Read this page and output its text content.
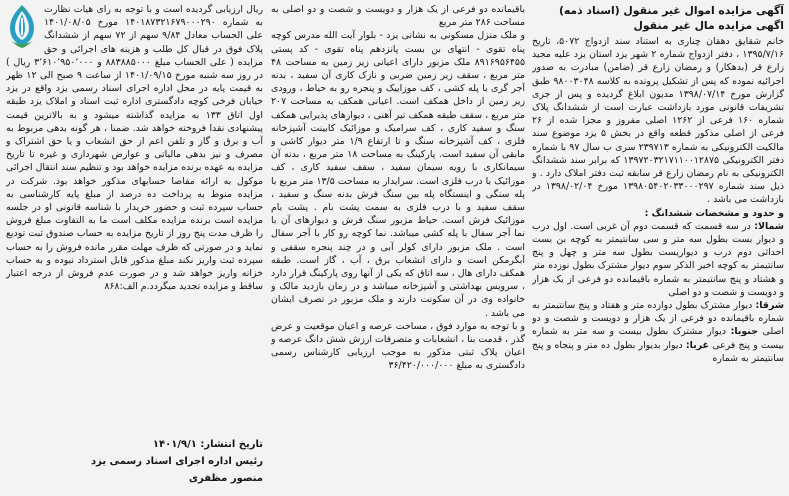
آگهی مزایده اموال غیر منقول (اسناد ذمه)
اگهی مزایده مال غیر منقول

خانم شقایق دهقان چناری به استناد سند ازدواج ۵۰۷۲، تاریخ ۱۳۹۵/۷/۱۶ ، دفتر ازدواج شماره ۲ شهر یزد استان یزد علیه مجید زارع قر (بدهکار) و رمضان زارع قر (ضامن) مبادرت به صدور اجرائیه نموده که پس از تشکیل پرونده به کلاسه ۹۸۰۰۳۰۴۸ طبق گزارش مورخ ۱۳۹۸/۰۷/۱۴ مدیون ابلاغ گردیده و پس از جری تشریفات قانونی مورد بازداشت عبارت است از ششدانگ پلاک شماره ۱۶۰ فرعی از ۱۲۶۲ اصلی مفروز و مجزا شده از ۲۶ فرعی از اصلی مذکور قطعه واقع در بخش ۵ یزد موضوع سند مالکیت الکترونیکی به شماره ۲۳۹۷۱۳ سری ب سال ۹۷ با شماره دفتر الکترونیکی ۱۳۹۷۲۰۳۲۱۷۱۱۰۰۱۲۸۷۵ که برابر سند ششدانگ الکترونیکی به نام رمضان زارع قر سابقه ثبت دفتر املاک دارد . و ذیل سند شماره ۱۳۹۸۰۵۴۰۲۰۳۳۰۰۰۲۹۷ مورخ ۱۳۹۸/۰۲/۰۴ در بازداشت می باشد .

و حدود و مشخصات ششدانگ :

شمالا: در سه قسمت که قسمت دوم آن غربی است. اول درب و دیوار بست بطول سه متر و سی سانتیمتر به کوچه بن بست احداثی دوم درب و دیواریست بطول سه متر و چهل و پنج سانتیمتر به کوچه اخیر الذکر سوم دیوار مشترک بطول نوزده متر و هشتاد و پنج سانتیمتر به شماره باقیمانده دو فرعی از یک هزار و دویست و شصت و دو اصلی

شرقا: دیوار مشترک بطول دوازده متر و هفتاد و پنج سانتیمتر به شماره باقیمانده دو فرعی از یک هزار و دویست و شصت و دو اصلی جنوبا: دیوار مشترک بطول بیست و سه متر به شماره بیست و پنج فرعی غربا: دیوار بدیوار بطول ده متر و پنجاه و پنج سانتیمتر به شماره

باقیمانده دو فرعی از یک هزار و دویست و شصت و دو اصلی به مساحت ۲۸۶ متر مربع

و ملک منزل مسکونی به نشانی یزد - بلوار آیت الله مدرس کوچه پناه تقوی - انتهای بن بست پانزدهم پناه تقوی - کد پستی ۸۹۱۶۹۵۶۴۵۵ ملک مزبور دارای اعیانی زیر زمین به مساحت ۴۸ متر مربع ، سقف زیر زمین ضربی و نازک کاری آن سفید ، بدنه آجر گری با پله کشی ، کف موزاییک و پنجره رو به حیاط ، ورودی زیر زمین از داخل همکف است. اعیانی همکف به مساحت ۲۰۷ متر مربع ، سقف طبقه همکف تیر آهنی ، دیوارهای پذیرایی همکف سنگ و سفید کاری ، کف سرامیک و موزائیک کابینت آشپزخانه فلزی ، کف آشپزخانه سنگ و تا ارتفاع ۱/۹ متر دیوار کاشی و مابقی آن سفید است. پارکینگ به مساحت ۱۸ متر مربع ، بدنه آن سیمانکاری با رویه سیمان سفید ، سقف سفید کاری ، کف موزائیک با درب فلزی است. سرایدار به مساحت ۱۳/۵ متر مربع با پله سنگی و اینستگاه پله بین سنگ فرش بدنه سنگ و سفید ، سقف سفید و با درب فلزی به سمت پشت بام . پشت بام موزائیک فرش است. حیاط مزبور سنگ فرش و دیوارهای آن با نما آجر سفال با پله کشی میباشد. نما کوچه رو کار با آجر سفال است . ملک مزبور دارای کولر آبی و در چند پنجره سقفی و آبگرمکن است و دارای انشعاب برق ، آب ، گاز است. طبقه همکف دارای هال ، سه اتاق که یکی از آنها روی پارکینگ قرار دارد ، سرویس بهداشتی و آشپزخانه میباشد و در زمان بازدید مالک و خانواده وی در آن سکونت دارند و ملک مزبور در تصرف ایشان می باشد .

و با توجه به موارد فوق ، مساحت عرصه و اعیان موقعیت و عرض گذر ، قدمت بنا ، انشعابات و متصرفات ارزش شش دانگ عرصه و اعیان پلاک ثبتی مذکور به موجب ارزیابی کارشناس رسمی دادگستری به مبلغ ۳۶/۴۲۰/۰۰۰/۰۰۰

ریال ارزیابی گردیده است و با توجه به رای هیات نظارت به شماره ۱۴۰۱۸۷۳۲۱۶۷۹۰۰۰۲۹۰ مورخ ۱۴۰۱/۰۸/۰۵ علی الحساب معادل ۹/۸۴ سهم از ۷۲ سهم از ششدانگ پلاک فوق در قبال کل طلب و هزینه های اجرائی و حق مزایده ( علی الحساب مبلغ ۸۸۳۸۸۵۰۰۰ و ۳٬۶۱۰٬۹۵۰٬۰۰۰ ریال ) در روز سه شنبه مورخ ۱۴۰۱/۰۹/۱۵ از ساعت ۹ صبح الی ۱۲ ظهر به قیمت پایه در محل اداره اجرای اسناد رسمی یزد واقع در یزد خیابان فرخی کوچه دادگستری اداره ثبت اسناد و املاک یزد طبقه اول اتاق ۱۳۳ به مزایده گذاشته میشود و به بالاترین قیمت پیشنهادی نقدا فروخته خواهد شد. ضمنا ، هر گونه بدهی مربوط به آب و برق و گاز و تلفن اعم از حق انشعاب و یا حق اشتراک و مصرف و نیز بدهی مالیاتی و عوارض شهرداری و غیره تا تاریخ مزایده به عهده برنده مزایده خواهد بود و تنظیم سند انتقال اجرائی موکول به ارائه مفاصا حسابهای مذکور خواهد بود. شرکت در مزایده منوط به پرداخت ده درصد از مبلغ پایه کارشناسی به حساب سپرده ثبت و حضور خریدار با شناسه قانونی او در جلسه مزایده است برنده مزایده مکلف است ما به التفاوت مبلغ فروش را ظرف مدت پنج روز از تاریخ مزایده به حساب صندوق ثبت تودیع نماید و در صورتی که ظرف مهلت مقرر مانده فروش را به حساب سپرده ثبت واریز نکند مبلغ مذکور قابل استرداد نبوده و به حساب خزانه واریز خواهد شد و در صورت عدم فروش از درجه اعتبار ساقط و مزایده تجدید میگردد.م الف:۸۶۸

تاریخ انتشار: ۱۴۰۱/۹/۱
رئیس اداره اجرای اسناد رسمی یزد
منصور مظفری
